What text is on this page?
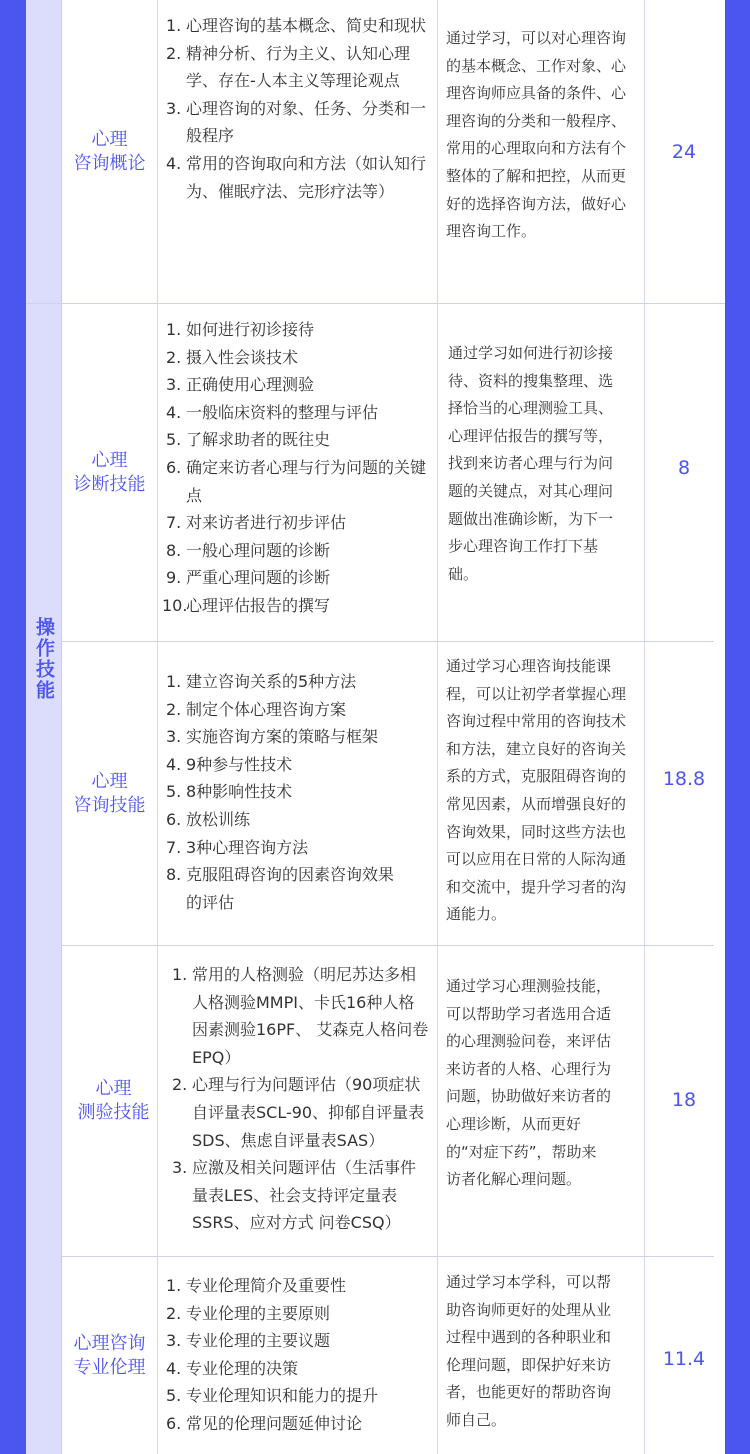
操作技能
心理
咨询概论
1. 心理咨询的基本概念、简史和现状
2. 精神分析、行为主义、认知心理学、存在-人本主义等理论观点
3. 心理咨询的对象、任务、分类和一般程序
4. 常用的咨询取向和方法（如认知行为、催眠疗法、完形疗法等）
通过学习，可以对心理咨询的基本概念、工作对象、心理咨询师应具备的条件、心理咨询的分类和一般程序、常用的心理取向和方法有个整体的了解和把控，从而更好的选择咨询方法，做好心理咨询工作。
24
心理
诊断技能
1. 如何进行初诊接待
2. 摄入性会谈技术
3. 正确使用心理测验
4. 一般临床资料的整理与评估
5. 了解求助者的既往史
6. 确定来访者心理与行为问题的关键点
7. 对来访者进行初步评估
8. 一般心理问题的诊断
9. 严重心理问题的诊断
10.
心理评估报告的撰写
通过学习如何进行初诊接待、资料的搜集整理、选择恰当的心理测验工具、心理评估报告的撰写等，找到来访者心理与行为问题的关键点，对其心理问题做出准确诊断，为下一步心理咨询工作打下基础。
8
心理
咨询技能
1. 建立咨询关系的5种方法
2. 制定个体心理咨询方案
3. 实施咨询方案的策略与框架
4. 9种参与性技术
5. 8种影响性技术
6. 放松训练
7. 3种心理咨询方法
8. 克服阻碍咨询的因素咨询效果的评估
通过学习心理咨询技能课程，可以让初学者掌握心理咨询过程中常用的咨询技术和方法，建立良好的咨询关系的方式，克服阻碍咨询的常见因素，从而增强良好的咨询效果，同时这些方法也可以应用在日常的人际沟通和交流中，提升学习者的沟通能力。
18.8
心理
测验技能
1. 常用的人格测验（明尼苏达多相人格测验MMPI、卡氏16种人格因素测验16PF、 艾森克人格问卷 EPQ）
2. 心理与行为问题评估（90项症状自评量表SCL-90、抑郁自评量表SDS、焦虑自评量表SAS）
3. 应激及相关问题评估（生活事件量表LES、社会支持评定量表SSRS、应对方式 问卷CSQ）
通过学习心理测验技能，可以帮助学习者选用合适的心理测验问卷，来评估来访者的人格、心理行为问题，协助做好来访者的心理诊断，从而更好的“对症下药”，帮助来访者化解心理问题。
18
心理咨询
专业伦理
1. 专业伦理简介及重要性
2. 专业伦理的主要原则
3. 专业伦理的主要议题
4. 专业伦理的决策
5. 专业伦理知识和能力的提升
6. 常见的伦理问题延伸讨论
通过学习本学科，可以帮助咨询师更好的处理从业过程中遇到的各种职业和伦理问题，即保护好来访者，也能更好的帮助咨询师自己。
11.4
